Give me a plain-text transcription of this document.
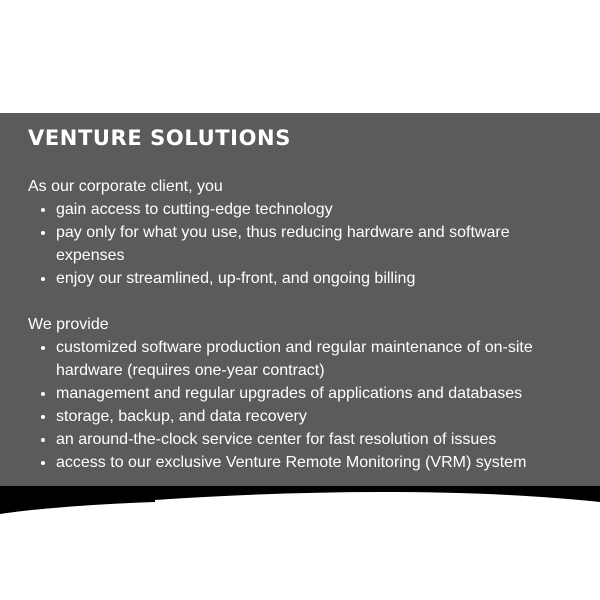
VENTURE SOLUTIONS

As our corporate client, you

• gain access to cutting-edge technology
• pay only for what you use, thus reducing hardware and software expenses
• enjoy our streamlined, up-front, and ongoing billing

We provide

• customized software production and regular maintenance of on-site hardware (requires one-year contract)
• management and regular upgrades of applications and databases
• storage, backup, and data recovery
• an around-the-clock service center for fast resolution of issues
• access to our exclusive Venture Remote Monitoring (VRM) system
